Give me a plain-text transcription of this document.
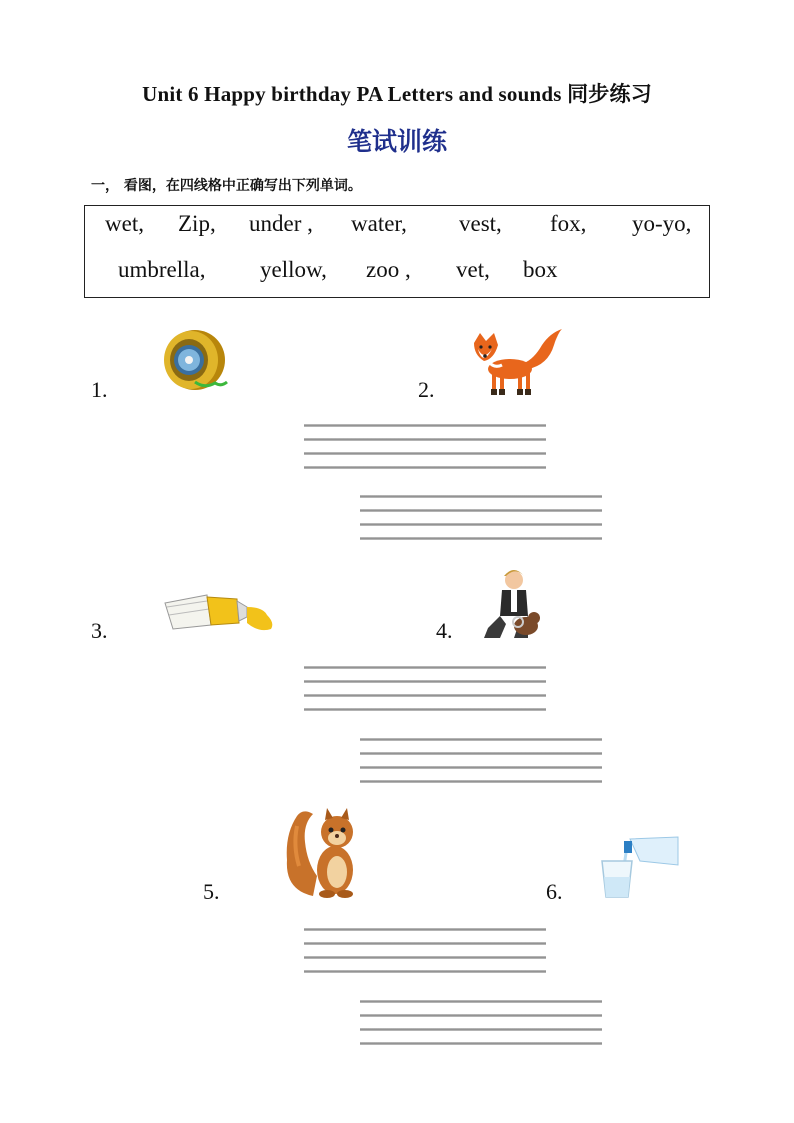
Unit 6 Happy birthday PA Letters and sounds 同步练习
笔试训练
一， 看图，在四线格中正确写出下列单词。
wet, Zip, under , water, vest, fox, yo-yo,
umbrella, yellow, zoo , vet, box
1.	2.
3.	4.
5.	6.
